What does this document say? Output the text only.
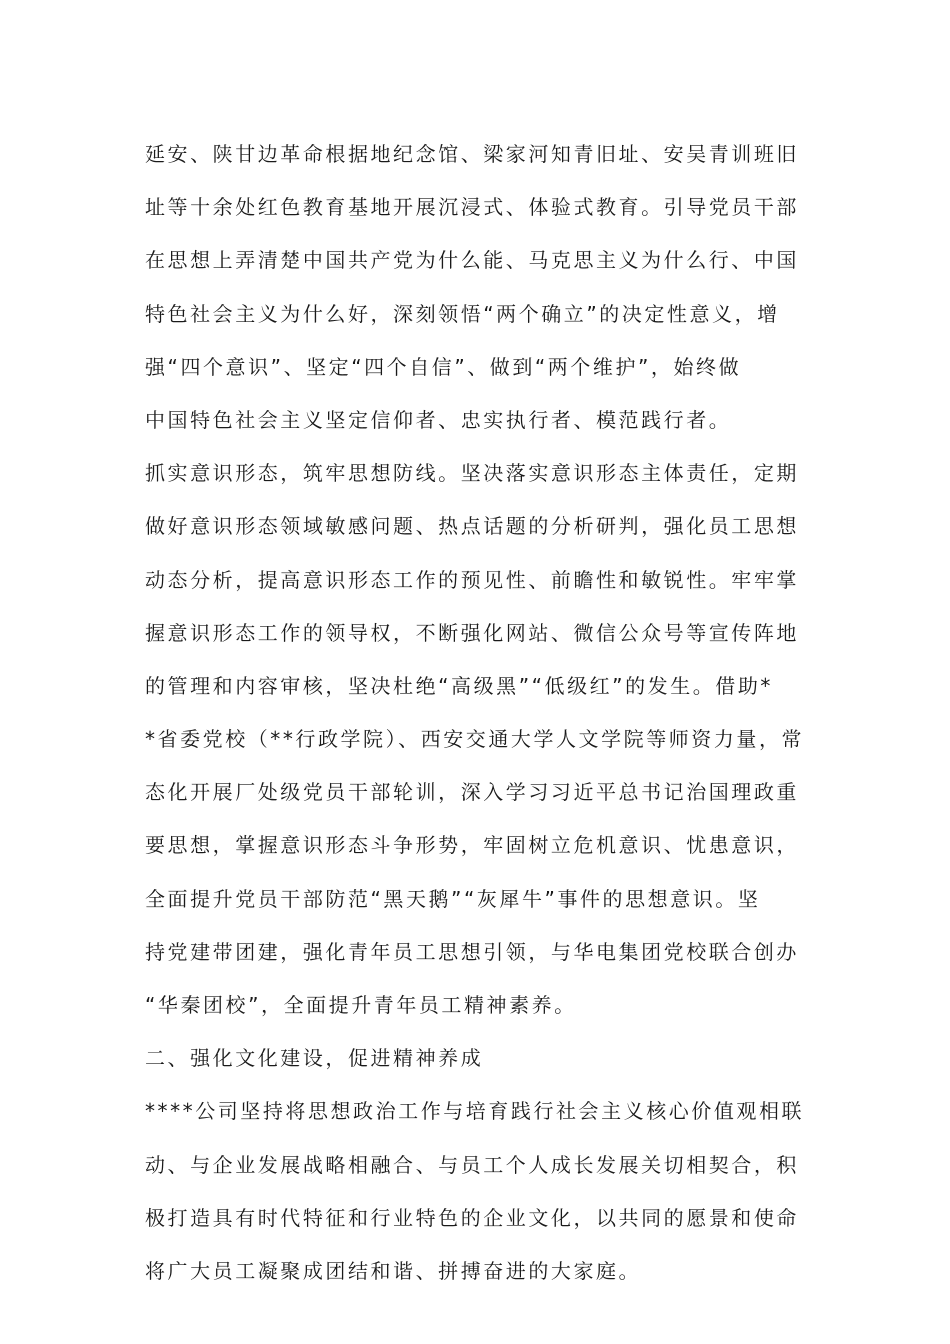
延安、陕甘边革命根据地纪念馆、梁家河知青旧址、安吴青训班旧
址等十余处红色教育基地开展沉浸式、体验式教育。引导党员干部
在思想上弄清楚中国共产党为什么能、马克思主义为什么行、中国
特色社会主义为什么好，深刻领悟“两个确立”的决定性意义，增
强“四个意识”、坚定“四个自信”、做到“两个维护”，始终做
中国特色社会主义坚定信仰者、忠实执行者、模范践行者。
抓实意识形态，筑牢思想防线。坚决落实意识形态主体责任，定期
做好意识形态领域敏感问题、热点话题的分析研判，强化员工思想
动态分析，提高意识形态工作的预见性、前瞻性和敏锐性。牢牢掌
握意识形态工作的领导权，不断强化网站、微信公众号等宣传阵地
的管理和内容审核，坚决杜绝“高级黑”“低级红”的发生。借助*
*省委党校（**行政学院）、西安交通大学人文学院等师资力量，常
态化开展厂处级党员干部轮训，深入学习习近平总书记治国理政重
要思想，掌握意识形态斗争形势，牢固树立危机意识、忧患意识，
全面提升党员干部防范“黑天鹅”“灰犀牛”事件的思想意识。坚
持党建带团建，强化青年员工思想引领，与华电集团党校联合创办
“华秦团校”，全面提升青年员工精神素养。
二、强化文化建设，促进精神养成
****公司坚持将思想政治工作与培育践行社会主义核心价值观相联
动、与企业发展战略相融合、与员工个人成长发展关切相契合，积
极打造具有时代特征和行业特色的企业文化，以共同的愿景和使命
将广大员工凝聚成团结和谐、拼搏奋进的大家庭。
